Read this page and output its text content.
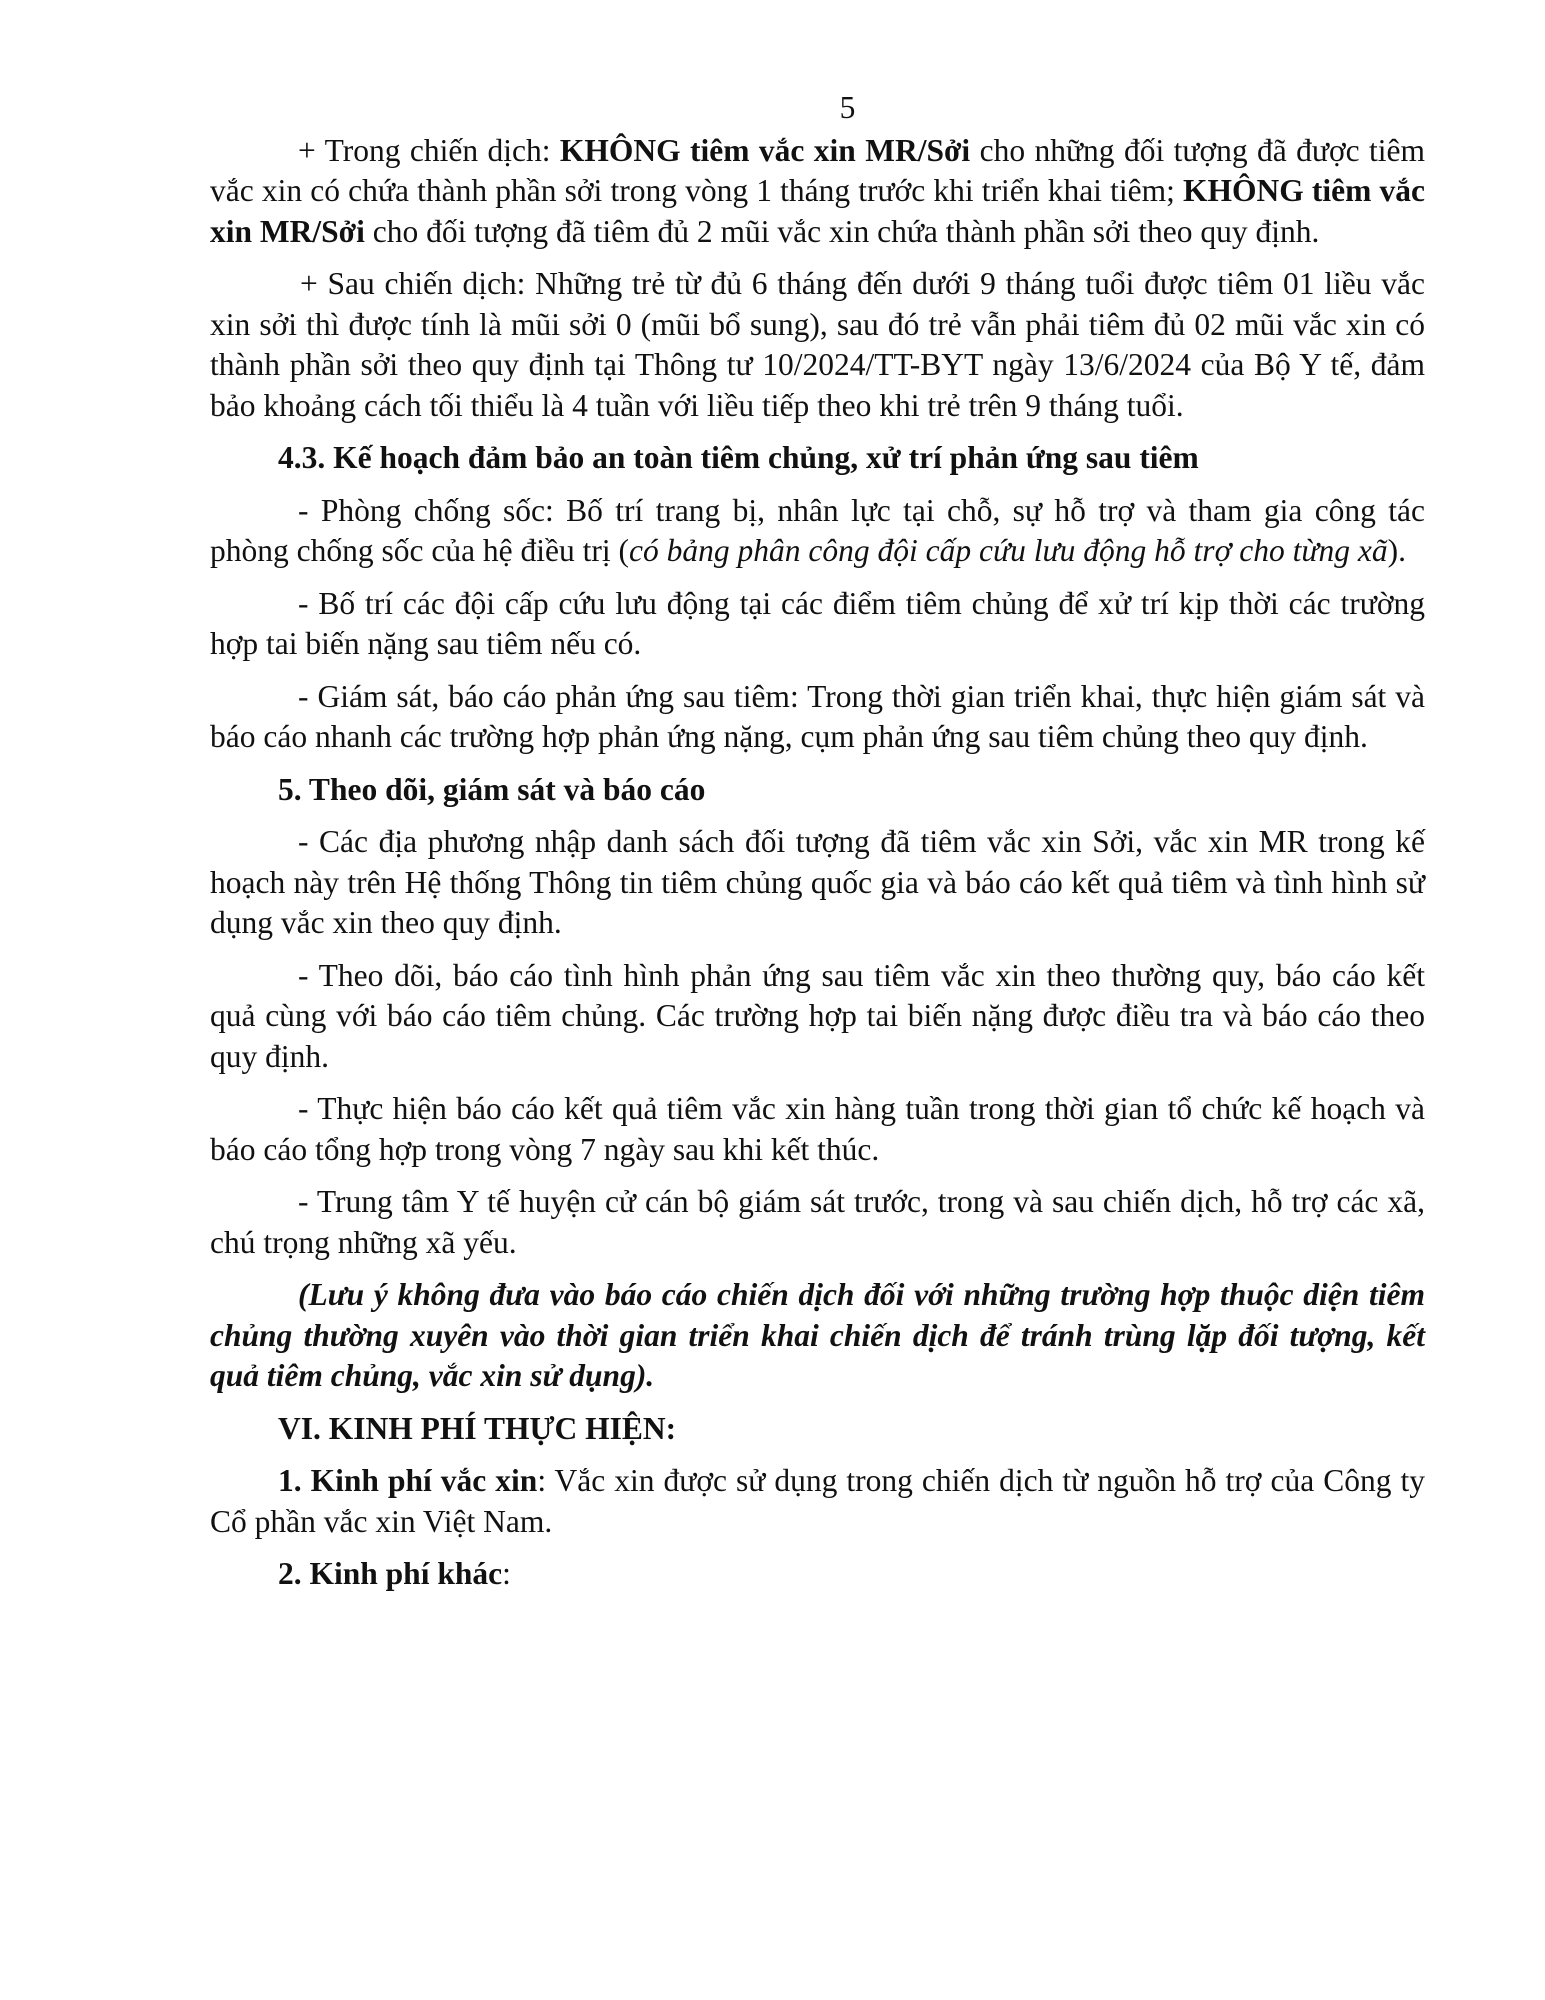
5

+ Trong chiến dịch: KHÔNG tiêm vắc xin MR/Sởi cho những đối tượng đã được tiêm vắc xin có chứa thành phần sởi trong vòng 1 tháng trước khi triển khai tiêm; KHÔNG tiêm vắc xin MR/Sởi cho đối tượng đã tiêm đủ 2 mũi vắc xin chứa thành phần sởi theo quy định.

+ Sau chiến dịch: Những trẻ từ đủ 6 tháng đến dưới 9 tháng tuổi được tiêm 01 liều vắc xin sởi thì được tính là mũi sởi 0 (mũi bổ sung), sau đó trẻ vẫn phải tiêm đủ 02 mũi vắc xin có thành phần sởi theo quy định tại Thông tư 10/2024/TT-BYT ngày 13/6/2024 của Bộ Y tế, đảm bảo khoảng cách tối thiểu là 4 tuần với liều tiếp theo khi trẻ trên 9 tháng tuổi.

4.3. Kế hoạch đảm bảo an toàn tiêm chủng, xử trí phản ứng sau tiêm

- Phòng chống sốc: Bố trí trang bị, nhân lực tại chỗ, sự hỗ trợ và tham gia công tác phòng chống sốc của hệ điều trị (có bảng phân công đội cấp cứu lưu động hỗ trợ cho từng xã).

- Bố trí các đội cấp cứu lưu động tại các điểm tiêm chủng để xử trí kịp thời các trường hợp tai biến nặng sau tiêm nếu có.

- Giám sát, báo cáo phản ứng sau tiêm: Trong thời gian triển khai, thực hiện giám sát và báo cáo nhanh các trường hợp phản ứng nặng, cụm phản ứng sau tiêm chủng theo quy định.

5. Theo dõi, giám sát và báo cáo

- Các địa phương nhập danh sách đối tượng đã tiêm vắc xin Sởi, vắc xin MR trong kế hoạch này trên Hệ thống Thông tin tiêm chủng quốc gia và báo cáo kết quả tiêm và tình hình sử dụng vắc xin theo quy định.

- Theo dõi, báo cáo tình hình phản ứng sau tiêm vắc xin theo thường quy, báo cáo kết quả cùng với báo cáo tiêm chủng. Các trường hợp tai biến nặng được điều tra và báo cáo theo quy định.

- Thực hiện báo cáo kết quả tiêm vắc xin hàng tuần trong thời gian tổ chức kế hoạch và báo cáo tổng hợp trong vòng 7 ngày sau khi kết thúc.

- Trung tâm Y tế huyện cử cán bộ giám sát trước, trong và sau chiến dịch, hỗ trợ các xã, chú trọng những xã yếu.

(Lưu ý không đưa vào báo cáo chiến dịch đối với những trường hợp thuộc diện tiêm chủng thường xuyên vào thời gian triển khai chiến dịch để tránh trùng lặp đối tượng, kết quả tiêm chủng, vắc xin sử dụng).

VI. KINH PHÍ THỰC HIỆN:

1. Kinh phí vắc xin: Vắc xin được sử dụng trong chiến dịch từ nguồn hỗ trợ của Công ty Cổ phần vắc xin Việt Nam.

2. Kinh phí khác:
